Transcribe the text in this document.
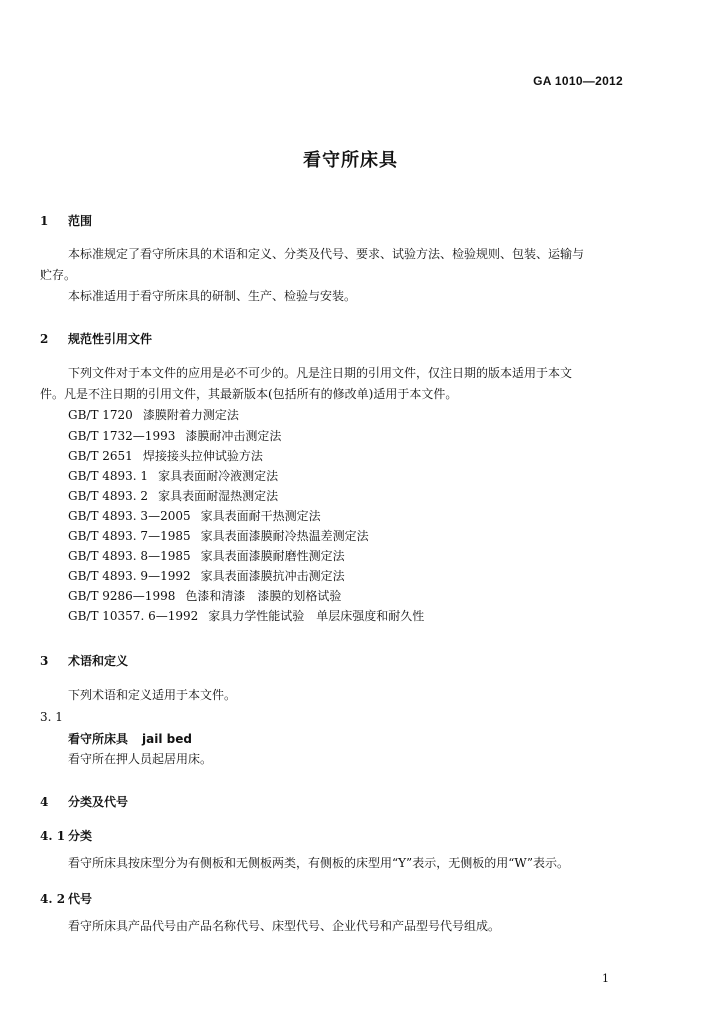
GA 1010—2012
看守所床具
1 范围
本标准规定了看守所床具的术语和定义、分类及代号、要求、试验方法、检验规则、包装、运输与
贮存。
本标准适用于看守所床具的研制、生产、检验与安装。
2 规范性引用文件
下列文件对于本文件的应用是必不可少的。凡是注日期的引用文件，仅注日期的版本适用于本文
件。凡是不注日期的引用文件，其最新版本(包括所有的修改单)适用于本文件。
GB/T 1720 漆膜附着力测定法
GB/T 1732—1993 漆膜耐冲击测定法
GB/T 2651 焊接接头拉伸试验方法
GB/T 4893. 1 家具表面耐冷液测定法
GB/T 4893. 2 家具表面耐湿热测定法
GB/T 4893. 3—2005 家具表面耐干热测定法
GB/T 4893. 7—1985 家具表面漆膜耐冷热温差测定法
GB/T 4893. 8—1985 家具表面漆膜耐磨性测定法
GB/T 4893. 9—1992 家具表面漆膜抗冲击测定法
GB/T 9286—1998 色漆和清漆　漆膜的划格试验
GB/T 10357. 6—1992 家具力学性能试验　单层床强度和耐久性
3 术语和定义
下列术语和定义适用于本文件。
3. 1
看守所床具 jail bed
看守所在押人员起居用床。
4 分类及代号
4. 1 分类
看守所床具按床型分为有侧板和无侧板两类，有侧板的床型用“Y”表示，无侧板的用“W”表示。
4. 2 代号
看守所床具产品代号由产品名称代号、床型代号、企业代号和产品型号代号组成。
1
